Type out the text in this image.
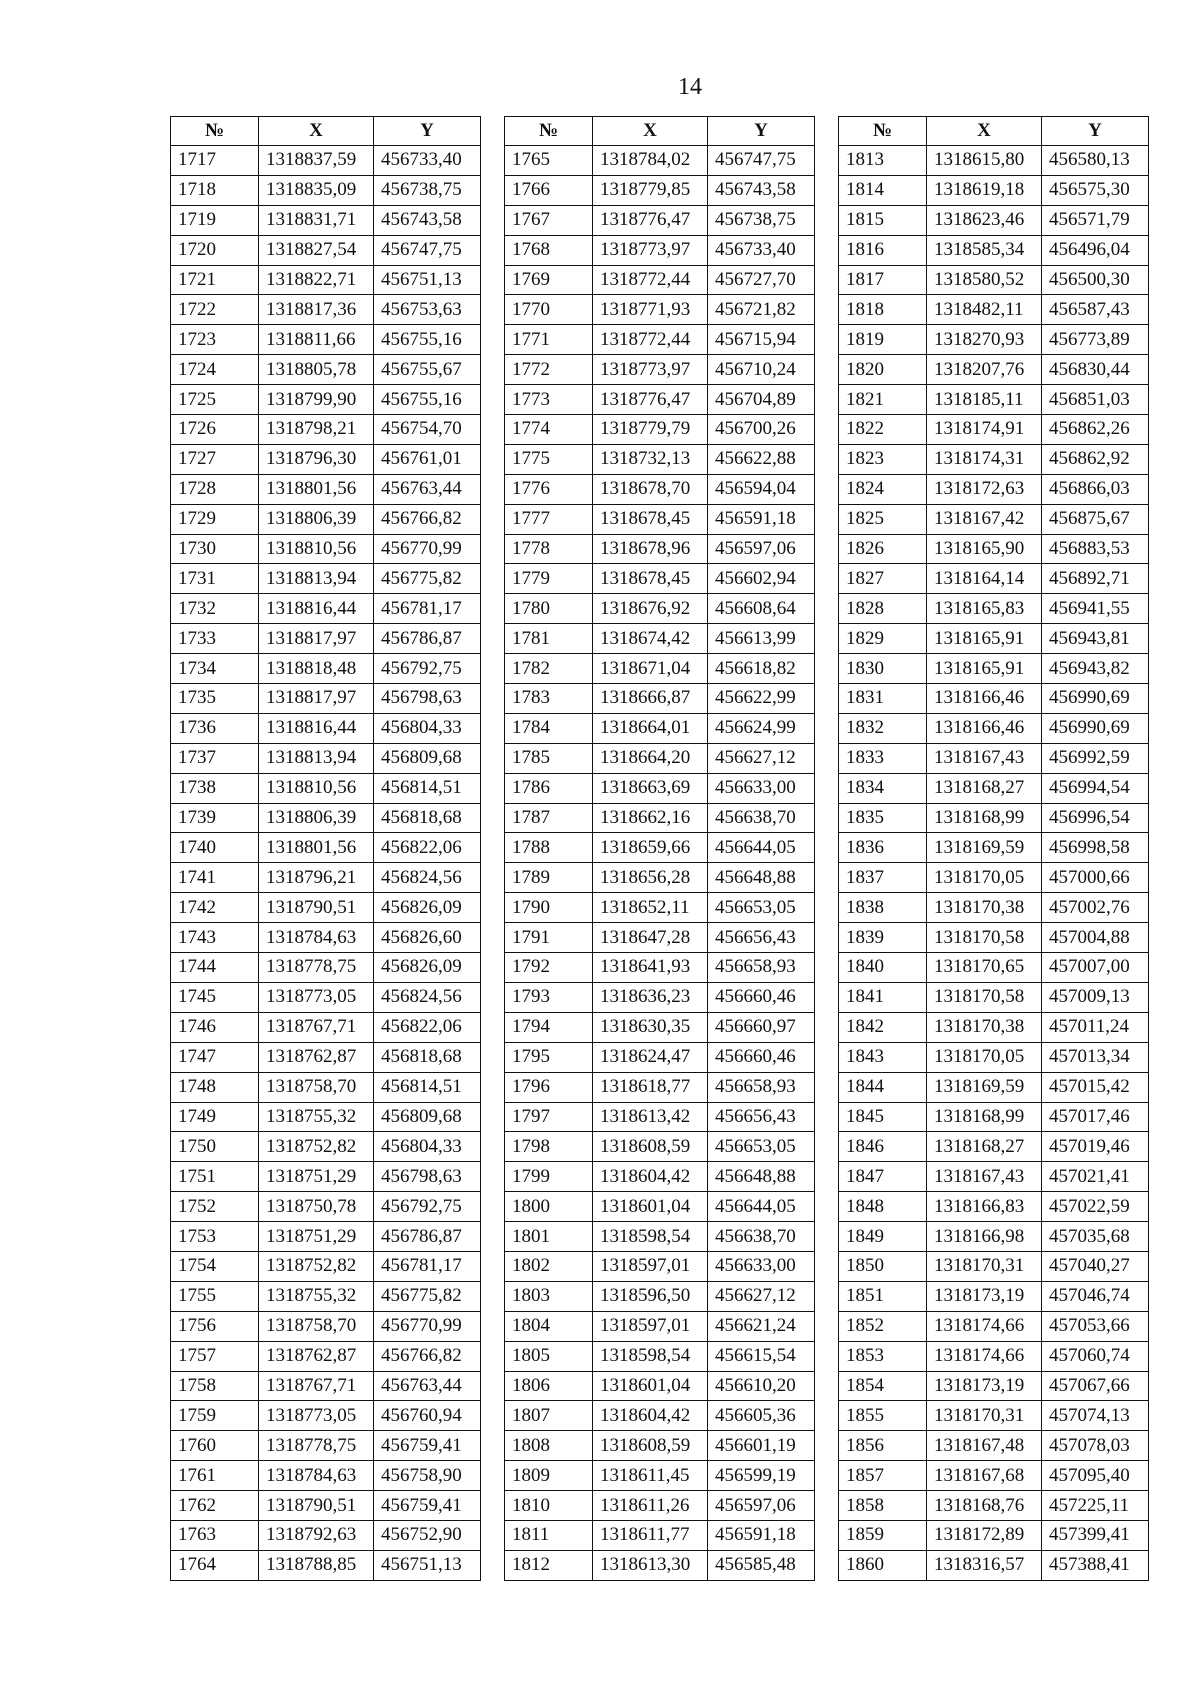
14
№	X	Y
1717	1318837,59	456733,40
1718	1318835,09	456738,75
1719	1318831,71	456743,58
1720	1318827,54	456747,75
1721	1318822,71	456751,13
1722	1318817,36	456753,63
1723	1318811,66	456755,16
1724	1318805,78	456755,67
1725	1318799,90	456755,16
1726	1318798,21	456754,70
1727	1318796,30	456761,01
1728	1318801,56	456763,44
1729	1318806,39	456766,82
1730	1318810,56	456770,99
1731	1318813,94	456775,82
1732	1318816,44	456781,17
1733	1318817,97	456786,87
1734	1318818,48	456792,75
1735	1318817,97	456798,63
1736	1318816,44	456804,33
1737	1318813,94	456809,68
1738	1318810,56	456814,51
1739	1318806,39	456818,68
1740	1318801,56	456822,06
1741	1318796,21	456824,56
1742	1318790,51	456826,09
1743	1318784,63	456826,60
1744	1318778,75	456826,09
1745	1318773,05	456824,56
1746	1318767,71	456822,06
1747	1318762,87	456818,68
1748	1318758,70	456814,51
1749	1318755,32	456809,68
1750	1318752,82	456804,33
1751	1318751,29	456798,63
1752	1318750,78	456792,75
1753	1318751,29	456786,87
1754	1318752,82	456781,17
1755	1318755,32	456775,82
1756	1318758,70	456770,99
1757	1318762,87	456766,82
1758	1318767,71	456763,44
1759	1318773,05	456760,94
1760	1318778,75	456759,41
1761	1318784,63	456758,90
1762	1318790,51	456759,41
1763	1318792,63	456752,90
1764	1318788,85	456751,13
№	X	Y
1765	1318784,02	456747,75
1766	1318779,85	456743,58
1767	1318776,47	456738,75
1768	1318773,97	456733,40
1769	1318772,44	456727,70
1770	1318771,93	456721,82
1771	1318772,44	456715,94
1772	1318773,97	456710,24
1773	1318776,47	456704,89
1774	1318779,79	456700,26
1775	1318732,13	456622,88
1776	1318678,70	456594,04
1777	1318678,45	456591,18
1778	1318678,96	456597,06
1779	1318678,45	456602,94
1780	1318676,92	456608,64
1781	1318674,42	456613,99
1782	1318671,04	456618,82
1783	1318666,87	456622,99
1784	1318664,01	456624,99
1785	1318664,20	456627,12
1786	1318663,69	456633,00
1787	1318662,16	456638,70
1788	1318659,66	456644,05
1789	1318656,28	456648,88
1790	1318652,11	456653,05
1791	1318647,28	456656,43
1792	1318641,93	456658,93
1793	1318636,23	456660,46
1794	1318630,35	456660,97
1795	1318624,47	456660,46
1796	1318618,77	456658,93
1797	1318613,42	456656,43
1798	1318608,59	456653,05
1799	1318604,42	456648,88
1800	1318601,04	456644,05
1801	1318598,54	456638,70
1802	1318597,01	456633,00
1803	1318596,50	456627,12
1804	1318597,01	456621,24
1805	1318598,54	456615,54
1806	1318601,04	456610,20
1807	1318604,42	456605,36
1808	1318608,59	456601,19
1809	1318611,45	456599,19
1810	1318611,26	456597,06
1811	1318611,77	456591,18
1812	1318613,30	456585,48
№	X	Y
1813	1318615,80	456580,13
1814	1318619,18	456575,30
1815	1318623,46	456571,79
1816	1318585,34	456496,04
1817	1318580,52	456500,30
1818	1318482,11	456587,43
1819	1318270,93	456773,89
1820	1318207,76	456830,44
1821	1318185,11	456851,03
1822	1318174,91	456862,26
1823	1318174,31	456862,92
1824	1318172,63	456866,03
1825	1318167,42	456875,67
1826	1318165,90	456883,53
1827	1318164,14	456892,71
1828	1318165,83	456941,55
1829	1318165,91	456943,81
1830	1318165,91	456943,82
1831	1318166,46	456990,69
1832	1318166,46	456990,69
1833	1318167,43	456992,59
1834	1318168,27	456994,54
1835	1318168,99	456996,54
1836	1318169,59	456998,58
1837	1318170,05	457000,66
1838	1318170,38	457002,76
1839	1318170,58	457004,88
1840	1318170,65	457007,00
1841	1318170,58	457009,13
1842	1318170,38	457011,24
1843	1318170,05	457013,34
1844	1318169,59	457015,42
1845	1318168,99	457017,46
1846	1318168,27	457019,46
1847	1318167,43	457021,41
1848	1318166,83	457022,59
1849	1318166,98	457035,68
1850	1318170,31	457040,27
1851	1318173,19	457046,74
1852	1318174,66	457053,66
1853	1318174,66	457060,74
1854	1318173,19	457067,66
1855	1318170,31	457074,13
1856	1318167,48	457078,03
1857	1318167,68	457095,40
1858	1318168,76	457225,11
1859	1318172,89	457399,41
1860	1318316,57	457388,41
